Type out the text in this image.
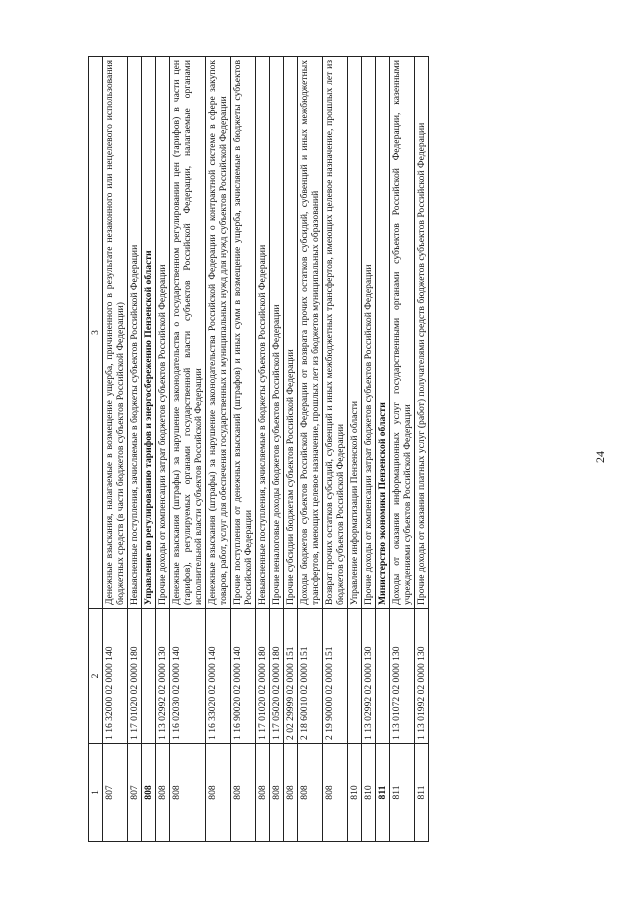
24
1	2	3
807	1 16 32000 02 0000 140	Денежные взыскания, налагаемые в возмещение ущерба, причиненного в результате незаконного или нецелевого использования бюджетных средств (в части бюджетов субъектов Российской Федерации)
807	1 17 01020 02 0000 180	Невыясненные поступления, зачисляемые в бюджеты субъектов Российской Федерации
808		Управление по регулированию тарифов и энергосбережению Пензенской области
808	1 13 02992 02 0000 130	Прочие доходы от компенсации затрат бюджетов субъектов Российской Федерации
808	1 16 02030 02 0000 140	Денежные взыскания (штрафы) за нарушение законодательства о государственном регулировании цен (тарифов) в части цен (тарифов), регулируемых органами государственной власти субъектов Российской Федерации, налагаемые органами исполнительной власти субъектов Российской Федерации
808	1 16 33020 02 0000 140	Денежные взыскания (штрафы) за нарушение законодательства Российской Федерации о контрактной системе в сфере закупок товаров, работ, услуг для обеспечения государственных и муниципальных нужд для нужд субъектов Российской Федерации
808	1 16 90020 02 0000 140	Прочие поступления от денежных взысканий (штрафов) и иных сумм в возмещение ущерба, зачисляемые в бюджеты субъектов Российской Федерации
808	1 17 01020 02 0000 180	Невыясненные поступления, зачисляемые в бюджеты субъектов Российской Федерации
808	1 17 05020 02 0000 180	Прочие неналоговые доходы бюджетов субъектов Российской Федерации
808	2 02 29999 02 0000 151	Прочие субсидии бюджетам субъектов Российской Федерации
808	2 18 60010 02 0000 151	Доходы бюджетов субъектов Российской Федерации от возврата прочих остатков субсидий, субвенций и иных межбюджетных трансфертов, имеющих целевое назначение, прошлых лет из бюджетов муниципальных образований
808	2 19 90000 02 0000 151	Возврат прочих остатков субсидий, субвенций и иных межбюджетных трансфертов, имеющих целевое назначение, прошлых лет из бюджетов субъектов Российской Федерации
810		Управление информатизации Пензенской области
810	1 13 02992 02 0000 130	Прочие доходы от компенсации затрат бюджетов субъектов Российской Федерации
811		Министерство экономики Пензенской области
811	1 13 01072 02 0000 130	Доходы от оказания информационных услуг государственными органами субъектов Российской Федерации, казенными учреждениями субъектов Российской Федерации
811	1 13 01992 02 0000 130	Прочие доходы от оказания платных услуг (работ) получателями средств бюджетов субъектов Российской Федерации
